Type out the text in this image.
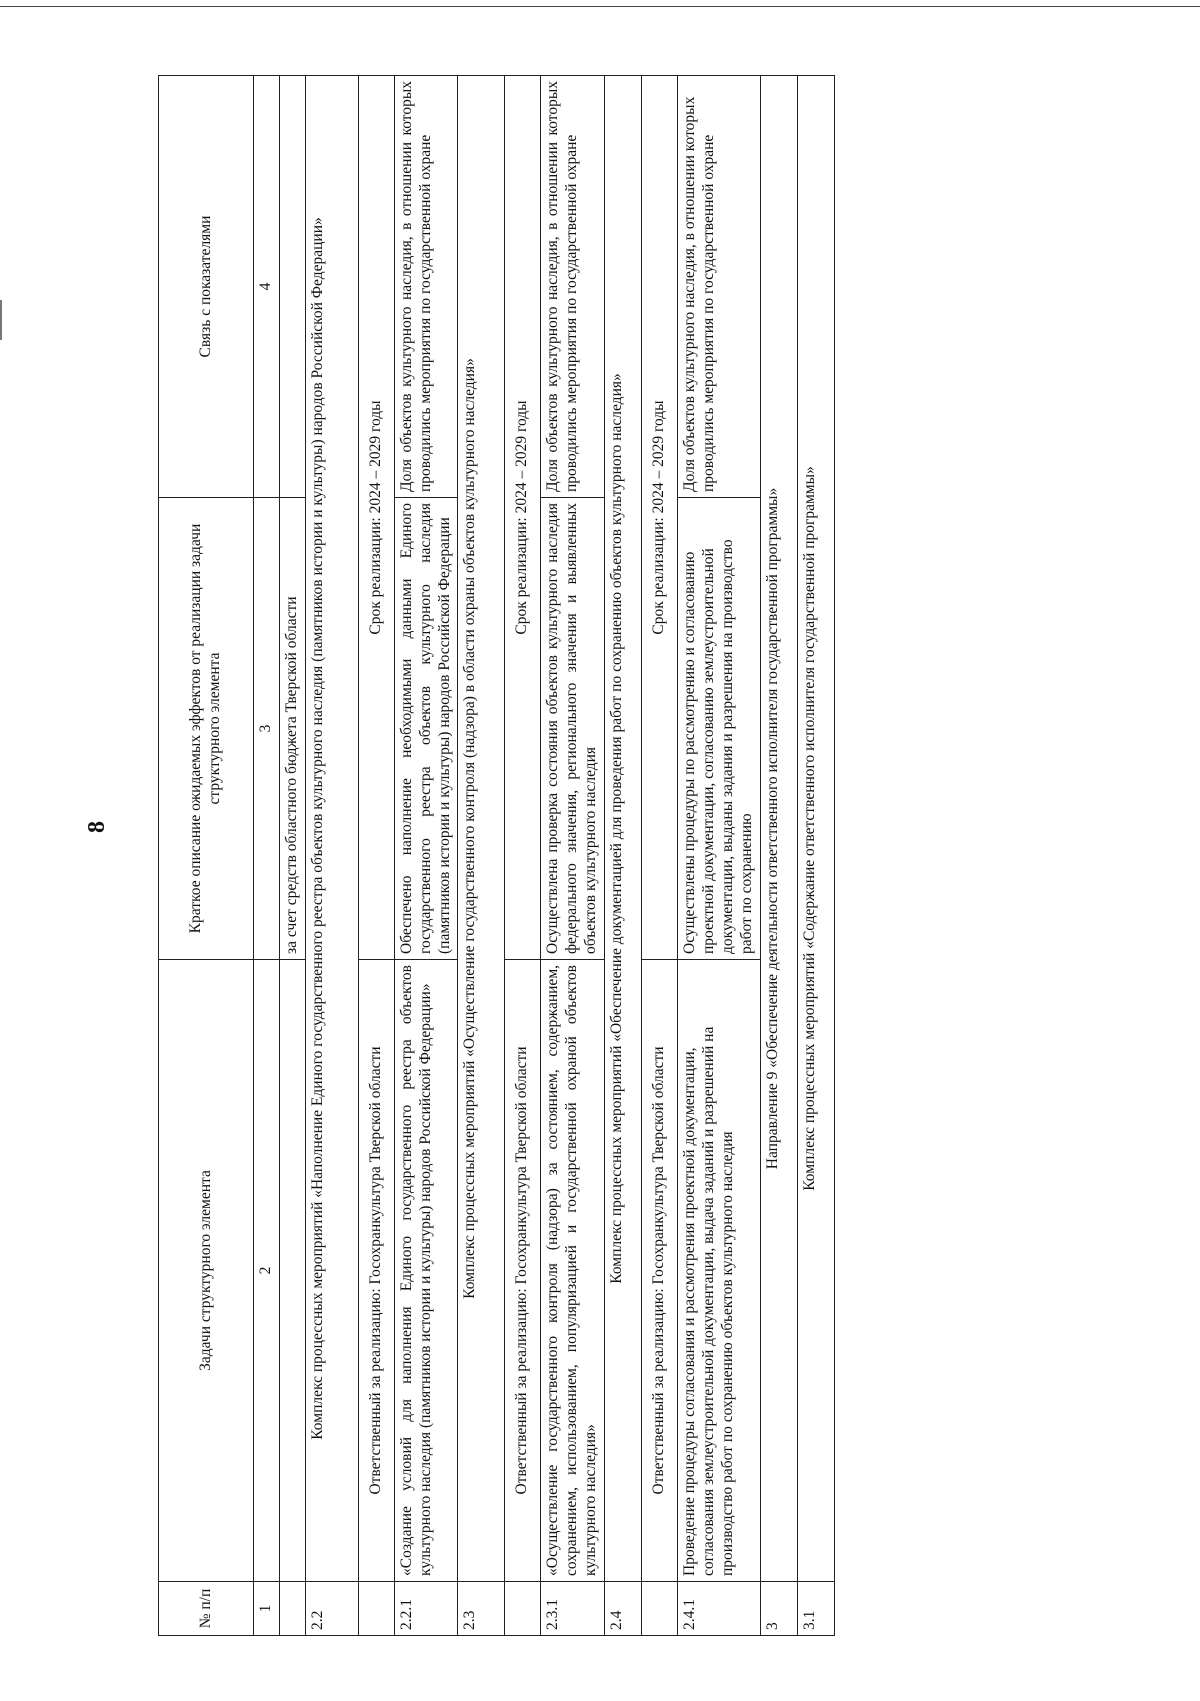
8
№ п/п	Задачи структурного элемента	Краткое описание ожидаемых эффектов от реализации задачи структурного элемента	Связь с показателями
1	2	3	4
		за счет средств областного бюджета Тверской области	
2.2	Комплекс процессных мероприятий «Наполнение Единого государственного реестра объектов культурного наследия (памятников истории и культуры) народов Российской Федерации»		
	Ответственный за реализацию: Госохранкультура Тверской области	Срок реализации: 2024 – 2029 годы	
2.2.1	«Создание условий для наполнения Единого государственного реестра объектов культурного наследия (памятников истории и культуры) народов Российской Федерации»	Обеспечено наполнение необходимыми данными Единого государственного реестра объектов культурного наследия (памятников истории и культуры) народов Российской Федерации	Доля объектов культурного наследия, в отношении которых проводились мероприятия по государственной охране
2.3	Комплекс процессных мероприятий «Осуществление государственного контроля (надзора) в области охраны объектов культурного наследия»		
	Ответственный за реализацию: Госохранкультура Тверской области	Срок реализации: 2024 – 2029 годы	
2.3.1	«Осуществление государственного контроля (надзора) за состоянием, содержанием, сохранением, использованием, популяризацией и государственной охраной объектов культурного наследия»	Осуществлена проверка состояния объектов культурного наследия федерального значения, регионального значения и выявленных объектов культурного наследия	Доля объектов культурного наследия, в отношении которых проводились мероприятия по государственной охране
2.4	Комплекс процессных мероприятий «Обеспечение документацией для проведения работ по сохранению объектов культурного наследия»		
	Ответственный за реализацию: Госохранкультура Тверской области	Срок реализации: 2024 – 2029 годы	
2.4.1	Проведение процедуры согласования и рассмотрения проектной документации, согласования землеустроительной документации, выдача заданий и разрешений на производство работ по сохранению объектов культурного наследия	Осуществлены процедуры по рассмотрению и согласованию проектной документации, согласованию землеустроительной документации, выданы задания и разрешения на производство работ по сохранению	Доля объектов культурного наследия, в отношении которых проводились мероприятия по государственной охране
3	Направление 9 «Обеспечение деятельности ответственного исполнителя государственной программы»		
3.1	Комплекс процессных мероприятий «Содержание ответственного исполнителя государственной программы»		
